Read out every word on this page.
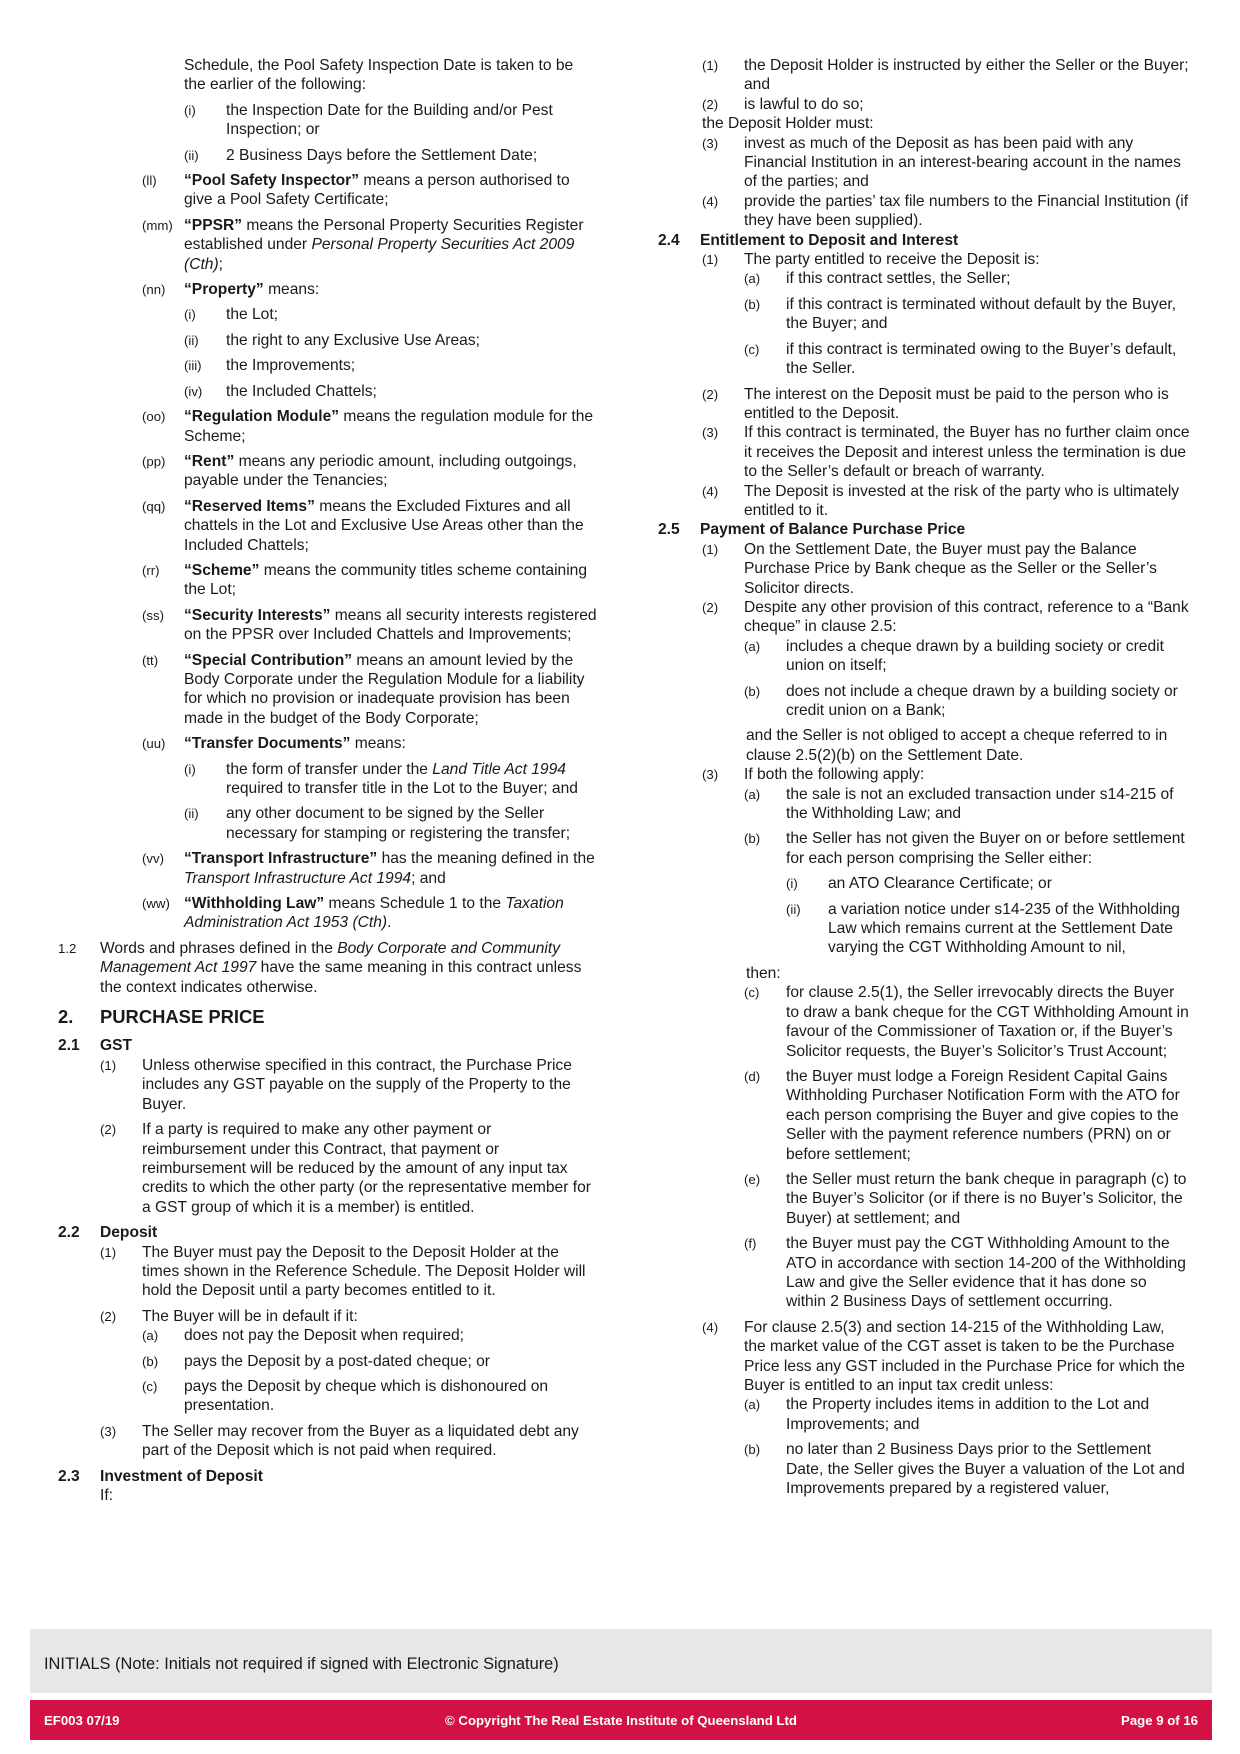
Schedule, the Pool Safety Inspection Date is taken to be the earlier of the following:
(i) the Inspection Date for the Building and/or Pest Inspection; or
(ii) 2 Business Days before the Settlement Date;
(ll) “Pool Safety Inspector” means a person authorised to give a Pool Safety Certificate;
(mm) “PPSR” means the Personal Property Securities Register established under Personal Property Securities Act 2009 (Cth);
(nn) “Property” means:
(i) the Lot;
(ii) the right to any Exclusive Use Areas;
(iii) the Improvements;
(iv) the Included Chattels;
(oo) “Regulation Module” means the regulation module for the Scheme;
(pp) “Rent” means any periodic amount, including outgoings, payable under the Tenancies;
(qq) “Reserved Items” means the Excluded Fixtures and all chattels in the Lot and Exclusive Use Areas other than the Included Chattels;
(rr) “Scheme” means the community titles scheme containing the Lot;
(ss) “Security Interests” means all security interests registered on the PPSR over Included Chattels and Improvements;
(tt) “Special Contribution” means an amount levied by the Body Corporate under the Regulation Module for a liability for which no provision or inadequate provision has been made in the budget of the Body Corporate;
(uu) “Transfer Documents” means:
(i) the form of transfer under the Land Title Act 1994 required to transfer title in the Lot to the Buyer; and
(ii) any other document to be signed by the Seller necessary for stamping or registering the transfer;
(vv) “Transport Infrastructure” has the meaning defined in the Transport Infrastructure Act 1994; and
(ww) “Withholding Law” means Schedule 1 to the Taxation Administration Act 1953 (Cth).
1.2 Words and phrases defined in the Body Corporate and Community Management Act 1997 have the same meaning in this contract unless the context indicates otherwise.
2. PURCHASE PRICE
2.1 GST
(1) Unless otherwise specified in this contract, the Purchase Price includes any GST payable on the supply of the Property to the Buyer.
(2) If a party is required to make any other payment or reimbursement under this Contract, that payment or reimbursement will be reduced by the amount of any input tax credits to which the other party (or the representative member for a GST group of which it is a member) is entitled.
2.2 Deposit
(1) The Buyer must pay the Deposit to the Deposit Holder at the times shown in the Reference Schedule. The Deposit Holder will hold the Deposit until a party becomes entitled to it.
(2) The Buyer will be in default if it:
(a) does not pay the Deposit when required;
(b) pays the Deposit by a post-dated cheque; or
(c) pays the Deposit by cheque which is dishonoured on presentation.
(3) The Seller may recover from the Buyer as a liquidated debt any part of the Deposit which is not paid when required.
2.3 Investment of Deposit
If:
(1) the Deposit Holder is instructed by either the Seller or the Buyer; and
(2) is lawful to do so;
the Deposit Holder must:
(3) invest as much of the Deposit as has been paid with any Financial Institution in an interest-bearing account in the names of the parties; and
(4) provide the parties’ tax file numbers to the Financial Institution (if they have been supplied).
2.4 Entitlement to Deposit and Interest
(1) The party entitled to receive the Deposit is:
(a) if this contract settles, the Seller;
(b) if this contract is terminated without default by the Buyer, the Buyer; and
(c) if this contract is terminated owing to the Buyer’s default, the Seller.
(2) The interest on the Deposit must be paid to the person who is entitled to the Deposit.
(3) If this contract is terminated, the Buyer has no further claim once it receives the Deposit and interest unless the termination is due to the Seller’s default or breach of warranty.
(4) The Deposit is invested at the risk of the party who is ultimately entitled to it.
2.5 Payment of Balance Purchase Price
(1) On the Settlement Date, the Buyer must pay the Balance Purchase Price by Bank cheque as the Seller or the Seller’s Solicitor directs.
(2) Despite any other provision of this contract, reference to a “Bank cheque” in clause 2.5:
(a) includes a cheque drawn by a building society or credit union on itself;
(b) does not include a cheque drawn by a building society or credit union on a Bank;
and the Seller is not obliged to accept a cheque referred to in clause 2.5(2)(b) on the Settlement Date.
(3) If both the following apply:
(a) the sale is not an excluded transaction under s14-215 of the Withholding Law; and
(b) the Seller has not given the Buyer on or before settlement for each person comprising the Seller either:
(i) an ATO Clearance Certificate; or
(ii) a variation notice under s14-235 of the Withholding Law which remains current at the Settlement Date varying the CGT Withholding Amount to nil,
then:
(c) for clause 2.5(1), the Seller irrevocably directs the Buyer to draw a bank cheque for the CGT Withholding Amount in favour of the Commissioner of Taxation or, if the Buyer’s Solicitor requests, the Buyer’s Solicitor’s Trust Account;
(d) the Buyer must lodge a Foreign Resident Capital Gains Withholding Purchaser Notification Form with the ATO for each person comprising the Buyer and give copies to the Seller with the payment reference numbers (PRN) on or before settlement;
(e) the Seller must return the bank cheque in paragraph (c) to the Buyer’s Solicitor (or if there is no Buyer’s Solicitor, the Buyer) at settlement; and
(f) the Buyer must pay the CGT Withholding Amount to the ATO in accordance with section 14-200 of the Withholding Law and give the Seller evidence that it has done so within 2 Business Days of settlement occurring.
(4) For clause 2.5(3) and section 14-215 of the Withholding Law, the market value of the CGT asset is taken to be the Purchase Price less any GST included in the Purchase Price for which the Buyer is entitled to an input tax credit unless:
(a) the Property includes items in addition to the Lot and Improvements; and
(b) no later than 2 Business Days prior to the Settlement Date, the Seller gives the Buyer a valuation of the Lot and Improvements prepared by a registered valuer,
INITIALS (Note: Initials not required if signed with Electronic Signature)
EF003 07/19	© Copyright The Real Estate Institute of Queensland Ltd	Page 9 of 16
